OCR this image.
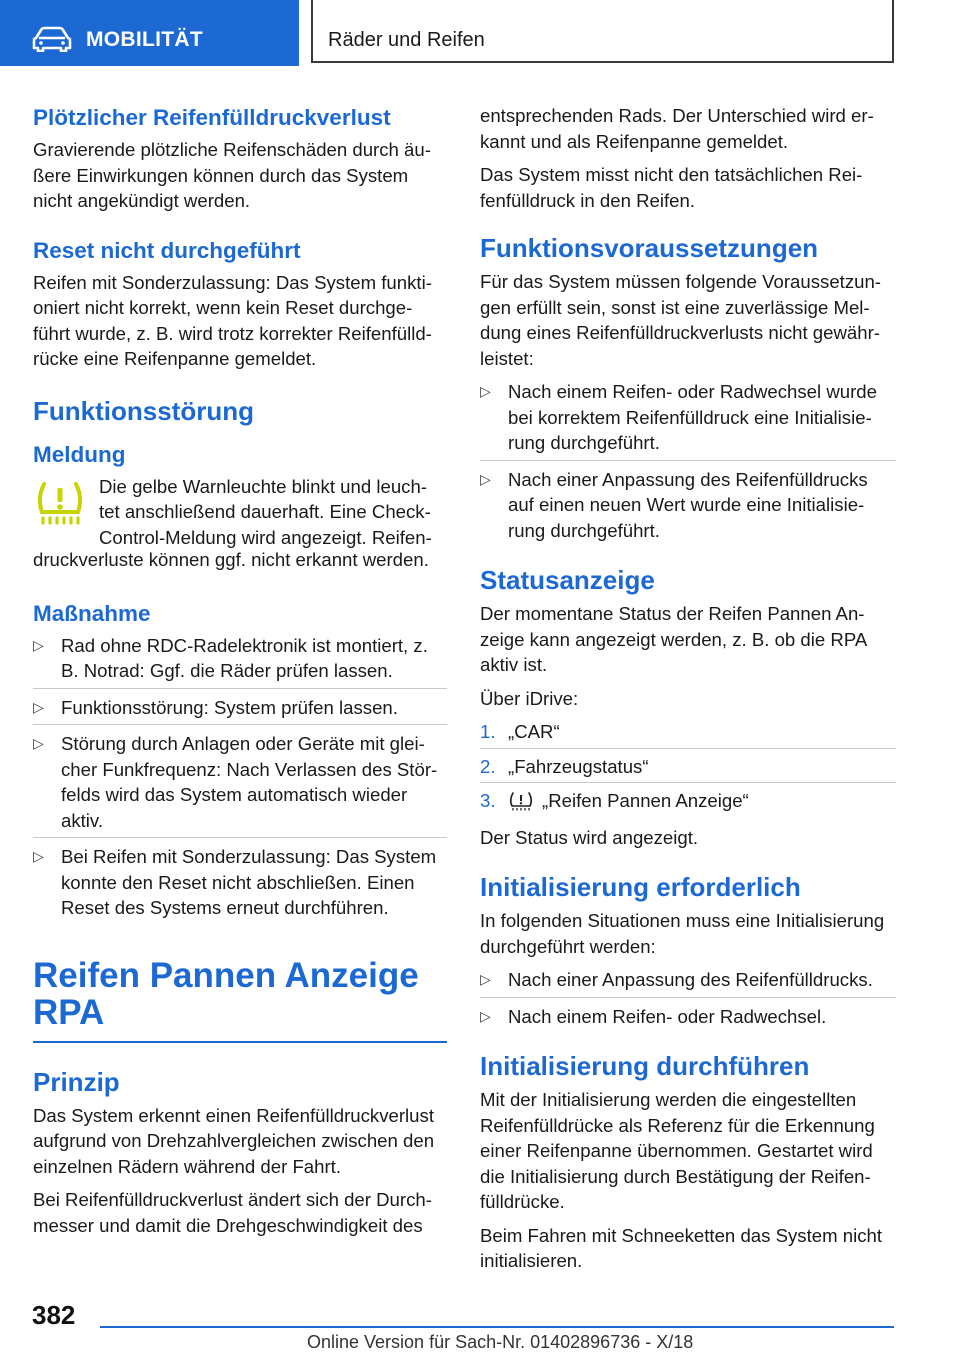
MOBILITÄT	Räder und Reifen
Plötzlicher Reifenfülldruckverlust

Gravierende plötzliche Reifenschäden durch äu-ßere Einwirkungen können durch das System nicht angekündigt werden.

Reset nicht durchgeführt

Reifen mit Sonderzulassung: Das System funkti-oniert nicht korrekt, wenn kein Reset durchge-führt wurde, z. B. wird trotz korrekter Reifenfülld-rücke eine Reifenpanne gemeldet.

Funktionsstörung
Meldung

Die gelbe Warnleuchte blinkt und leuch-tet anschließend dauerhaft. Eine Check-Control-Meldung wird angezeigt. Reifen-

druckverluste können ggf. nicht erkannt werden.

Maßnahme
▷ Rad ohne RDC-Radelektronik ist montiert, z. B. Notrad: Ggf. die Räder prüfen lassen.
▷ Funktionsstörung: System prüfen lassen.
▷ Störung durch Anlagen oder Geräte mit glei-cher Funkfrequenz: Nach Verlassen des Stör-felds wird das System automatisch wieder aktiv.
▷ Bei Reifen mit Sonderzulassung: Das System konnte den Reset nicht abschließen. Einen Reset des Systems erneut durchführen.
Reifen Pannen Anzeige
RPA
Prinzip

Das System erkennt einen Reifenfülldruckverlust aufgrund von Drehzahlvergleichen zwischen den einzelnen Rädern während der Fahrt.

Bei Reifenfülldruckverlust ändert sich der Durch-messer und damit die Drehgeschwindigkeit des

entsprechenden Rads. Der Unterschied wird er-kannt und als Reifenpanne gemeldet.

Das System misst nicht den tatsächlichen Rei-fenfülldruck in den Reifen.

Funktionsvoraussetzungen

Für das System müssen folgende Voraussetzun-gen erfüllt sein, sonst ist eine zuverlässige Mel-dung eines Reifenfülldruckverlusts nicht gewähr-leistet:

▷ Nach einem Reifen- oder Radwechsel wurde bei korrektem Reifenfülldruck eine Initialisie-rung durchgeführt.
▷ Nach einer Anpassung des Reifenfülldrucks auf einen neuen Wert wurde eine Initialisie-rung durchgeführt.
Statusanzeige

Der momentane Status der Reifen Pannen An-zeige kann angezeigt werden, z. B. ob die RPA aktiv ist.

Über iDrive:

1. „CAR“
2. „Fahrzeugstatus“
3. „Reifen Pannen Anzeige“

Der Status wird angezeigt.

Initialisierung erforderlich

In folgenden Situationen muss eine Initialisierung durchgeführt werden:

▷ Nach einer Anpassung des Reifenfülldrucks.
▷ Nach einem Reifen- oder Radwechsel.
Initialisierung durchführen

Mit der Initialisierung werden die eingestellten Reifenfülldrücke als Referenz für die Erkennung einer Reifenpanne übernommen. Gestartet wird die Initialisierung durch Bestätigung der Reifen-fülldrücke.

Beim Fahren mit Schneeketten das System nicht initialisieren.

382
Online Version für Sach-Nr. 01402896736 - X/18
